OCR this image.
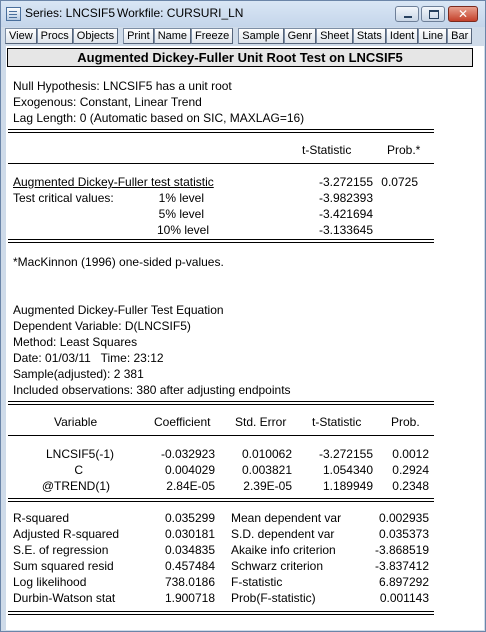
Series: LNCSIF5 Workfile: CURSURI_LN	✕
View Procs Objects Print Name Freeze Sample Genr Sheet Stats Ident Line Bar
Augmented Dickey-Fuller Unit Root Test on LNCSIF5
Null Hypothesis: LNCSIF5 has a unit root
Exogenous: Constant, Linear Trend
Lag Length: 0 (Automatic based on SIC, MAXLAG=16)
t-Statistic	Prob.*
Augmented Dickey-Fuller test statistic	-3.272155 0.0725
Test critical values:	1% level	-3.982393
5% level	-3.421694
10% level	-3.133645
*MacKinnon (1996) one-sided p-values.
Augmented Dickey-Fuller Test Equation
Dependent Variable: D(LNCSIF5)
Method: Least Squares
Date: 01/03/11   Time: 23:12
Sample(adjusted): 2 381
Included observations: 380 after adjusting endpoints
Variable	Coefficient Std. Error t-Statistic Prob.
LNCSIF5(-1)	-0.032923	0.010062	-3.272155	0.0012
C	0.004029	0.003821	1.054340	0.2924
@TREND(1)	2.84E-05	2.39E-05	1.189949	0.2348
R-squared	0.035299 Mean dependent var	0.002935
Adjusted R-squared	0.030181 S.D. dependent var	0.035373
S.E. of regression	0.034835 Akaike info criterion	-3.868519
Sum squared resid	0.457484 Schwarz criterion	-3.837412
Log likelihood	738.0186 F-statistic	6.897292
Durbin-Watson stat	1.900718 Prob(F-statistic)	0.001143
